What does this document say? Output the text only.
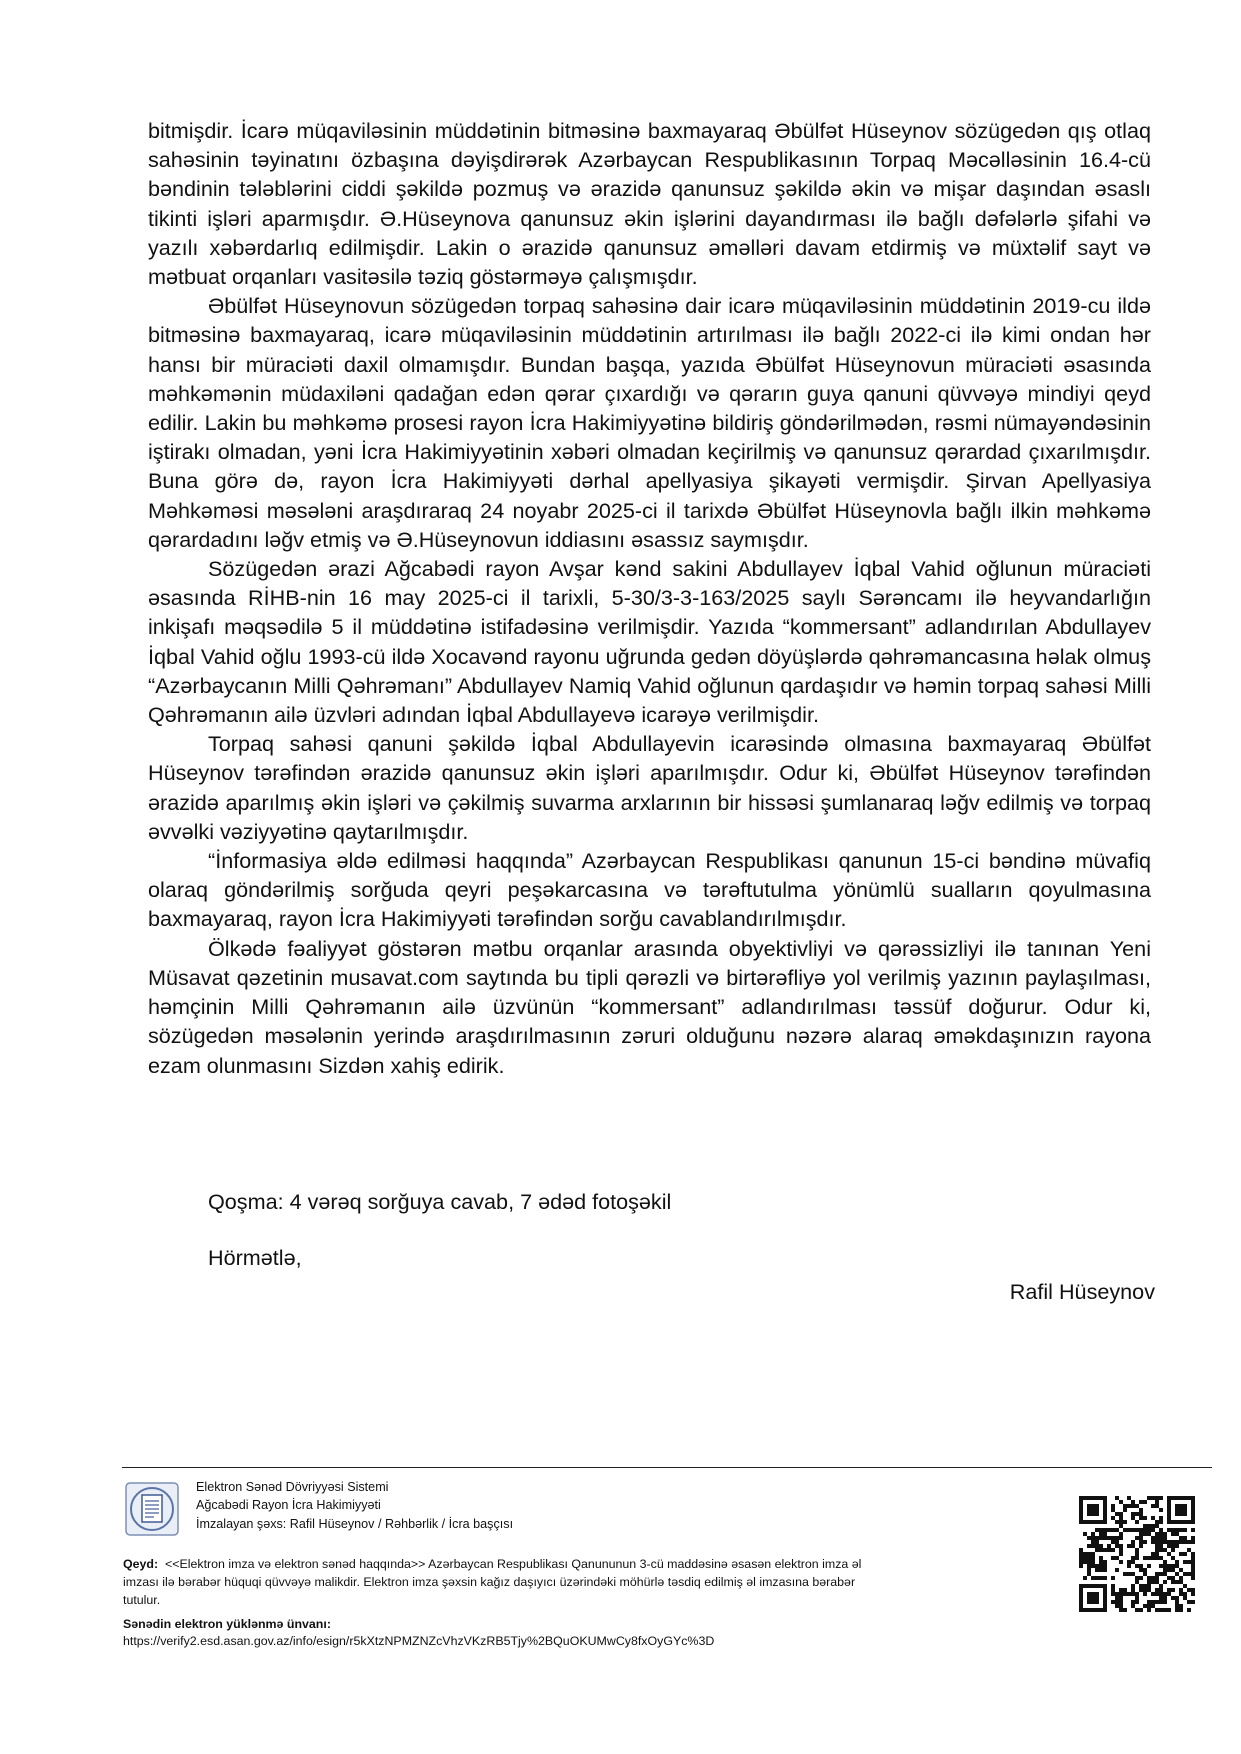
bitmişdir. İcarə müqaviləsinin müddətinin bitməsinə baxmayaraq Əbülfət Hüseynov sözügedən qış otlaq sahəsinin təyinatını özbaşına dəyişdirərək Azərbaycan Respublikasının Torpaq Məcəlləsinin 16.4-cü bəndinin tələblərini ciddi şəkildə pozmuş və ərazidə qanunsuz şəkildə əkin və mişar daşından əsaslı tikinti işləri aparmışdır. Ə.Hüseynova qanunsuz əkin işlərini dayandırması ilə bağlı dəfələrlə şifahi və yazılı xəbərdarlıq edilmişdir. Lakin o ərazidə qanunsuz əməlləri davam etdirmiş və müxtəlif sayt və mətbuat orqanları vasitəsilə təziq göstərməyə çalışmışdır.

Əbülfət Hüseynovun sözügedən torpaq sahəsinə dair icarə müqaviləsinin müddətinin 2019-cu ildə bitməsinə baxmayaraq, icarə müqaviləsinin müddətinin artırılması ilə bağlı 2022-ci ilə kimi ondan hər hansı bir müraciəti daxil olmamışdır. Bundan başqa, yazıda Əbülfət Hüseynovun müraciəti əsasında məhkəmənin müdaxiləni qadağan edən qərar çıxardığı və qərarın guya qanuni qüvvəyə mindiyi qeyd edilir. Lakin bu məhkəmə prosesi rayon İcra Hakimiyyətinə bildiriş göndərilmədən, rəsmi nümayəndəsinin iştirakı olmadan, yəni İcra Hakimiyyətinin xəbəri olmadan keçirilmiş və qanunsuz qərardad çıxarılmışdır. Buna görə də, rayon İcra Hakimiyyəti dərhal apellyasiya şikayəti vermişdir. Şirvan Apellyasiya Məhkəməsi məsələni araşdıraraq 24 noyabr 2025-ci il tarixdə Əbülfət Hüseynovla bağlı ilkin məhkəmə qərardadını ləğv etmiş və Ə.Hüseynovun iddiasını əsassız saymışdır.

Sözügedən ərazi Ağcabədi rayon Avşar kənd sakini Abdullayev İqbal Vahid oğlunun müraciəti əsasında RİHB-nin 16 may 2025-ci il tarixli, 5-30/3-3-163/2025 saylı Sərəncamı ilə heyvandarlığın inkişafı məqsədilə 5 il müddətinə istifadəsinə verilmişdir. Yazıda “kommersant” adlandırılan Abdullayev İqbal Vahid oğlu 1993-cü ildə Xocavənd rayonu uğrunda gedən döyüşlərdə qəhrəmancasına həlak olmuş “Azərbaycanın Milli Qəhrəmanı” Abdullayev Namiq Vahid oğlunun qardaşıdır və həmin torpaq sahəsi Milli Qəhrəmanın ailə üzvləri adından İqbal Abdullayevə icarəyə verilmişdir.

Torpaq sahəsi qanuni şəkildə İqbal Abdullayevin icarəsində olmasına baxmayaraq Əbülfət Hüseynov tərəfindən ərazidə qanunsuz əkin işləri aparılmışdır. Odur ki, Əbülfət Hüseynov tərəfindən ərazidə aparılmış əkin işləri və çəkilmiş suvarma arxlarının bir hissəsi şumlanaraq ləğv edilmiş və torpaq əvvəlki vəziyyətinə qaytarılmışdır.

“İnformasiya əldə edilməsi haqqında” Azərbaycan Respublikası qanunun 15-ci bəndinə müvafiq olaraq göndərilmiş sorğuda qeyri peşəkarcasına və tərəftutulma yönümlü sualların qoyulmasına baxmayaraq, rayon İcra Hakimiyyəti tərəfindən sorğu cavablandırılmışdır.

Ölkədə fəaliyyət göstərən mətbu orqanlar arasında obyektivliyi və qərəssizliyi ilə tanınan Yeni Müsavat qəzetinin musavat.com saytında bu tipli qərəzli və birtərəfliyə yol verilmiş yazının paylaşılması, həmçinin Milli Qəhrəmanın ailə üzvünün “kommersant” adlandırılması təssüf doğurur. Odur ki, sözügedən məsələnin yerində araşdırılmasının zəruri olduğunu nəzərə alaraq əməkdaşınızın rayona ezam olunmasını Sizdən xahiş edirik.

Qoşma: 4 vərəq sorğuya cavab, 7 ədəd fotoşəkil
Hörmətlə,
Rafil Hüseynov
Elektron Sənəd Dövriyyəsi Sistemi
Ağcabədi Rayon İcra Hakimiyyəti
İmzalayan şəxs: Rafil Hüseynov / Rəhbərlik / İcra başçısı
Qeyd: <<Elektron imza və elektron sənəd haqqında>> Azərbaycan Respublikası Qanununun 3-cü maddəsinə əsasən elektron imza əl imzası ilə bərabər hüquqi qüvvəyə malikdir. Elektron imza şəxsin kağız daşıyıcı üzərindəki möhürlə təsdiq edilmiş əl imzasına bərabər tutulur.
Sənədin elektron yüklənmə ünvanı:
https://verify2.esd.asan.gov.az/info/esign/r5kXtzNPMZNZcVhzVKzRB5Tjy%2BQuOKUMwCy8fxOyGYc%3D
